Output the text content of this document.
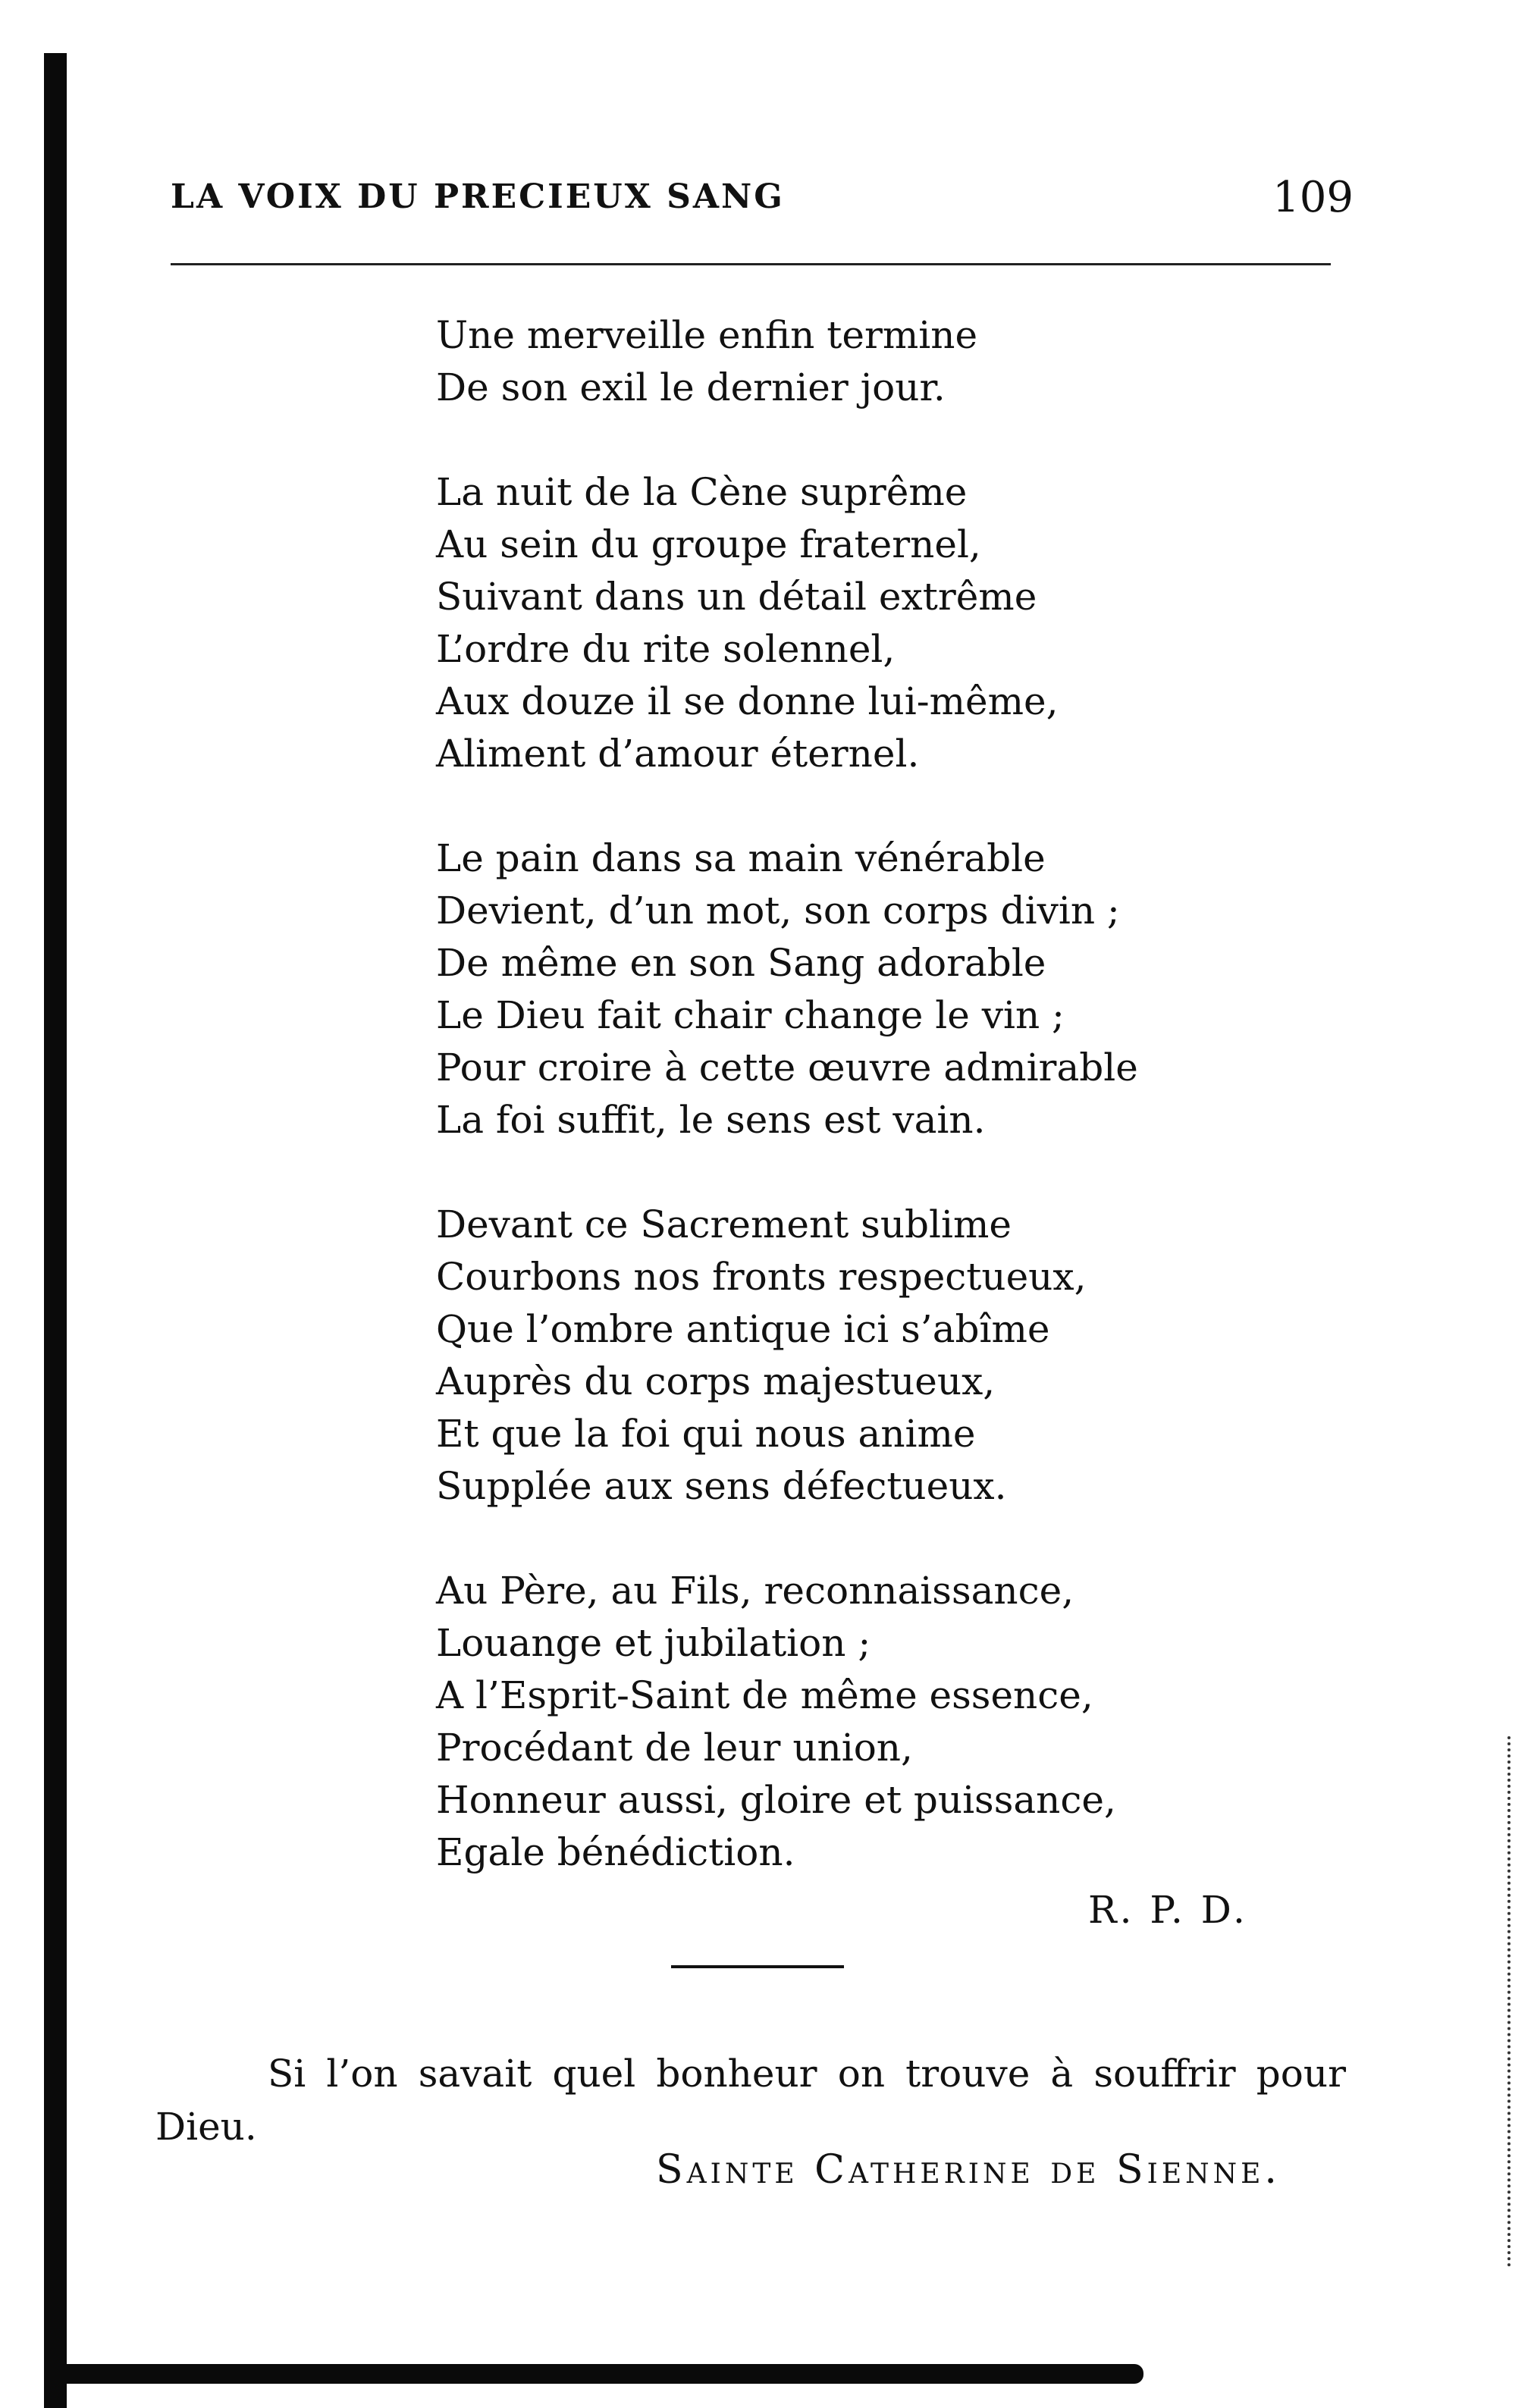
LA VOIX DU PRECIEUX SANG	109
Une merveille enfin termine
De son exil le dernier jour.
La nuit de la Cène suprême
Au sein du groupe fraternel,
Suivant dans un détail extrême
L’ordre du rite solennel,
Aux douze il se donne lui-même,
Aliment d’amour éternel.
Le pain dans sa main vénérable
Devient, d’un mot, son corps divin ;
De même en son Sang adorable
Le Dieu fait chair change le vin ;
Pour croire à cette œuvre admirable
La foi suffit, le sens est vain.
Devant ce Sacrement sublime
Courbons nos fronts respectueux,
Que l’ombre antique ici s’abîme
Auprès du corps majestueux,
Et que la foi qui nous anime
Supplée aux sens défectueux.
Au Père, au Fils, reconnaissance,
Louange et jubilation ;
A l’Esprit-Saint de même essence,
Procédant de leur union,
Honneur aussi, gloire et puissance,
Egale bénédiction.
R. P. D.
Si l’on savait quel bonheur on trouve à souffrir pour
Dieu.
Sainte Catherine de Sienne.
